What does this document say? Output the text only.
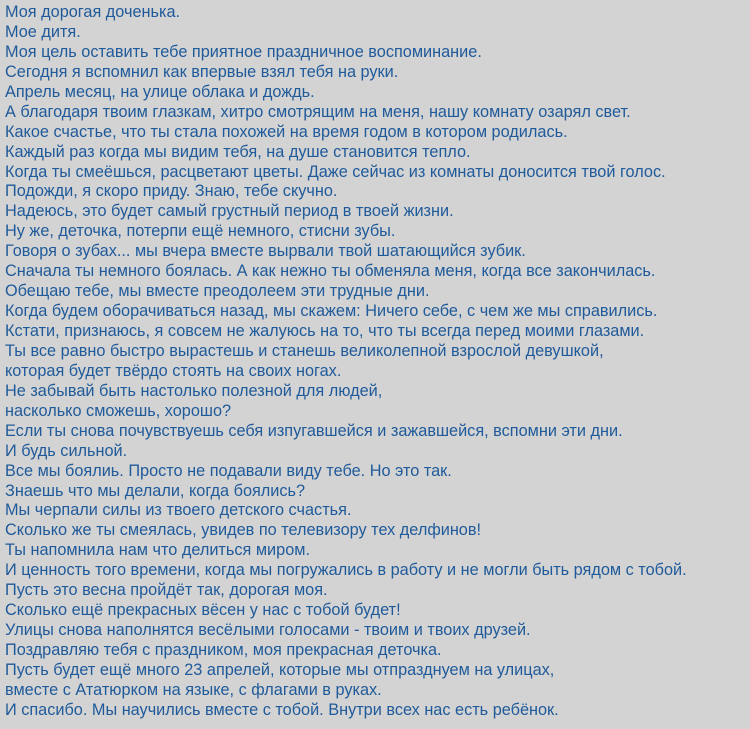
Моя дорогая доченька.
Мое дитя.
Моя цель оставить тебе приятное праздничное воспоминание.
Сегодня я вспомнил как впервые взял тебя на руки.
Апрель месяц, на улице облака и дождь.
А благодаря твоим глазкам, хитро смотрящим на меня, нашу комнату озарял свет.
Какое счастье, что ты стала похожей на время годом в котором родилась.
Каждый раз когда мы видим тебя, на душе становится тепло.
Когда ты смеёшься, расцветают цветы. Даже сейчас из комнаты доносится твой голос.
Подожди, я скоро приду. Знаю, тебе скучно.
Надеюсь, это будет самый грустный период в твоей жизни.
Ну же, деточка, потерпи ещё немного, стисни зубы.
Говоря о зубах... мы вчера вместе вырвали твой шатающийся зубик.
Сначала ты немного боялась. А как нежно ты обменяла меня, когда все закончилась.
Обещаю тебе, мы вместе преодолеем эти трудные дни.
Когда будем оборачиваться назад, мы скажем: Ничего себе, с чем же мы справились.
Кстати, признаюсь, я совсем не жалуюсь на то, что ты всегда перед моими глазами.
Ты все равно быстро вырастешь и станешь великолепной взрослой девушкой,
которая будет твёрдо стоять на своих ногах.
Не забывай быть настолько полезной для людей,
насколько сможешь, хорошо?
Если ты снова почувствуешь себя изпугавшейся и зажавшейся, вспомни эти дни.
И будь сильной.
Все мы боялиь. Просто не подавали виду тебе. Но это так.
Знаешь что мы делали, когда боялись?
Мы черпали силы из твоего детского счастья.
Сколько же ты смеялась, увидев по телевизору тех делфинов!
Ты напомнила нам что делиться миром.
И ценность того времени, когда мы погружались в работу и не могли быть рядом с тобой.
Пусть это весна пройдёт так, дорогая моя.
Сколько ещё прекрасных вёсен у нас с тобой будет!
Улицы снова наполнятся весёлыми голосами - твоим и твоих друзей.
Поздравляю тебя с праздником, моя прекрасная деточка.
Пусть будет ещё много 23 апрелей, которые мы отпразднуем на улицах,
вместе с Ататюрком на языке, с флагами в руках.
И спасибо. Мы научились вместе с тобой. Внутри всех нас есть ребёнок.
